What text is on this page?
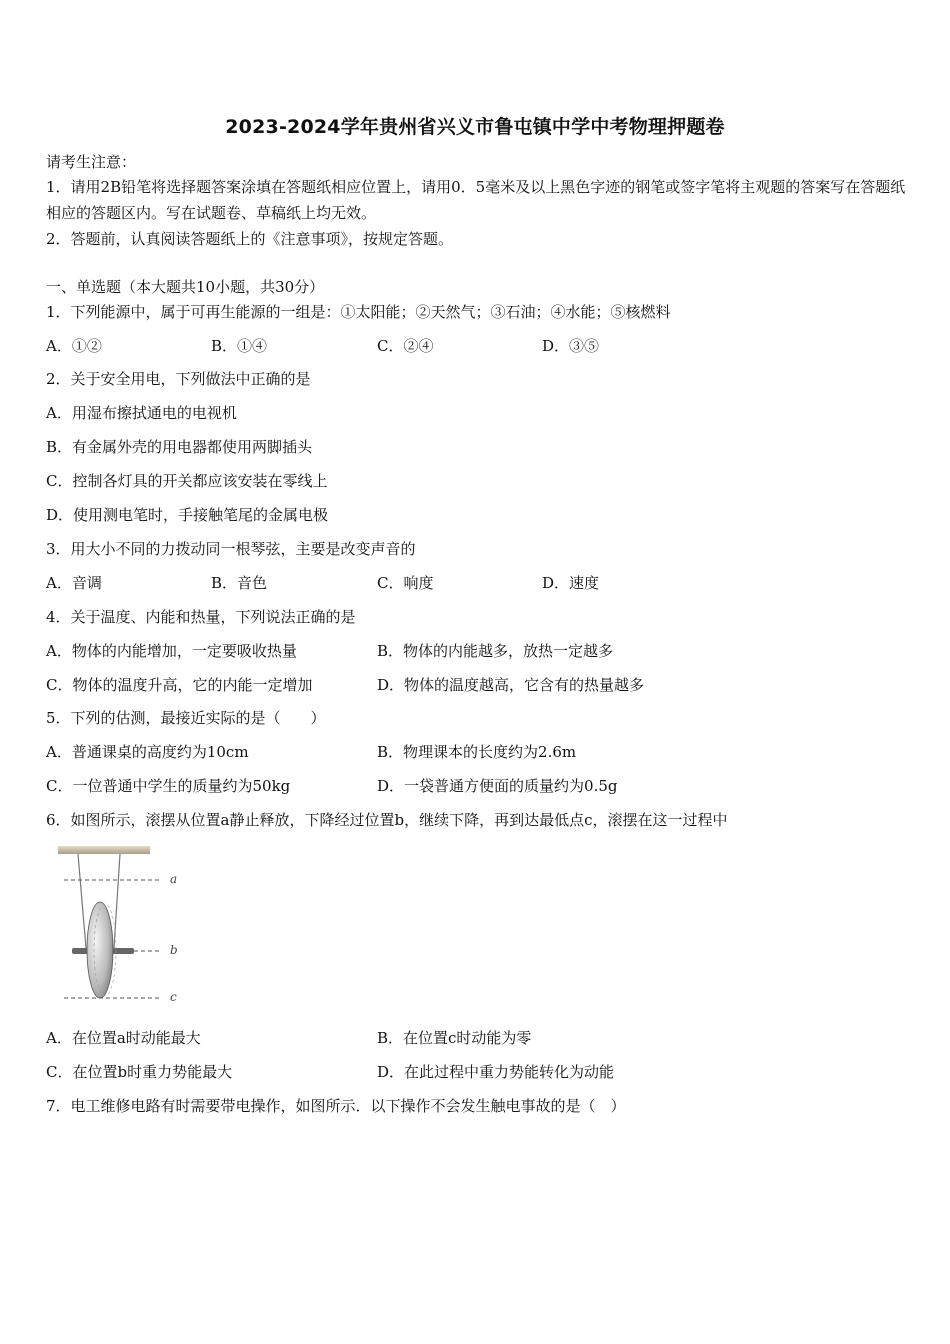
2023-2024学年贵州省兴义市鲁屯镇中学中考物理押题卷
请考生注意：
1．请用2B铅笔将选择题答案涂填在答题纸相应位置上，请用0．5毫米及以上黑色字迹的钢笔或签字笔将主观题的答案写在答题纸相应的答题区内。写在试题卷、草稿纸上均无效。
2．答题前，认真阅读答题纸上的《注意事项》，按规定答题。
一、单选题（本大题共10小题，共30分）
1．下列能源中，属于可再生能源的一组是：①太阳能；②天然气；③石油；④水能；⑤核燃料
A．①②	B．①④	C．②④	D．③⑤
2．关于安全用电，下列做法中正确的是
A．用湿布擦拭通电的电视机
B．有金属外壳的用电器都使用两脚插头
C．控制各灯具的开关都应该安装在零线上
D．使用测电笔时，手接触笔尾的金属电极
3．用大小不同的力拨动同一根琴弦，主要是改变声音的
A．音调	B．音色	C．响度	D．速度
4．关于温度、内能和热量，下列说法正确的是
A．物体的内能增加，一定要吸收热量	B．物体的内能越多，放热一定越多
C．物体的温度升高，它的内能一定增加	D．物体的温度越高，它含有的热量越多
5．下列的估测，最接近实际的是（　　）
A．普通课桌的高度约为10cm	B．物理课本的长度约为2.6m
C．一位普通中学生的质量约为50kg	D．一袋普通方便面的质量约为0.5g
6．如图所示，滚摆从位置a静止释放，下降经过位置b，继续下降，再到达最低点c，滚摆在这一过程中
a
b
c
A．在位置a时动能最大	B．在位置c时动能为零
C．在位置b时重力势能最大	D．在此过程中重力势能转化为动能
7．电工维修电路有时需要带电操作，如图所示．以下操作不会发生触电事故的是（　）
